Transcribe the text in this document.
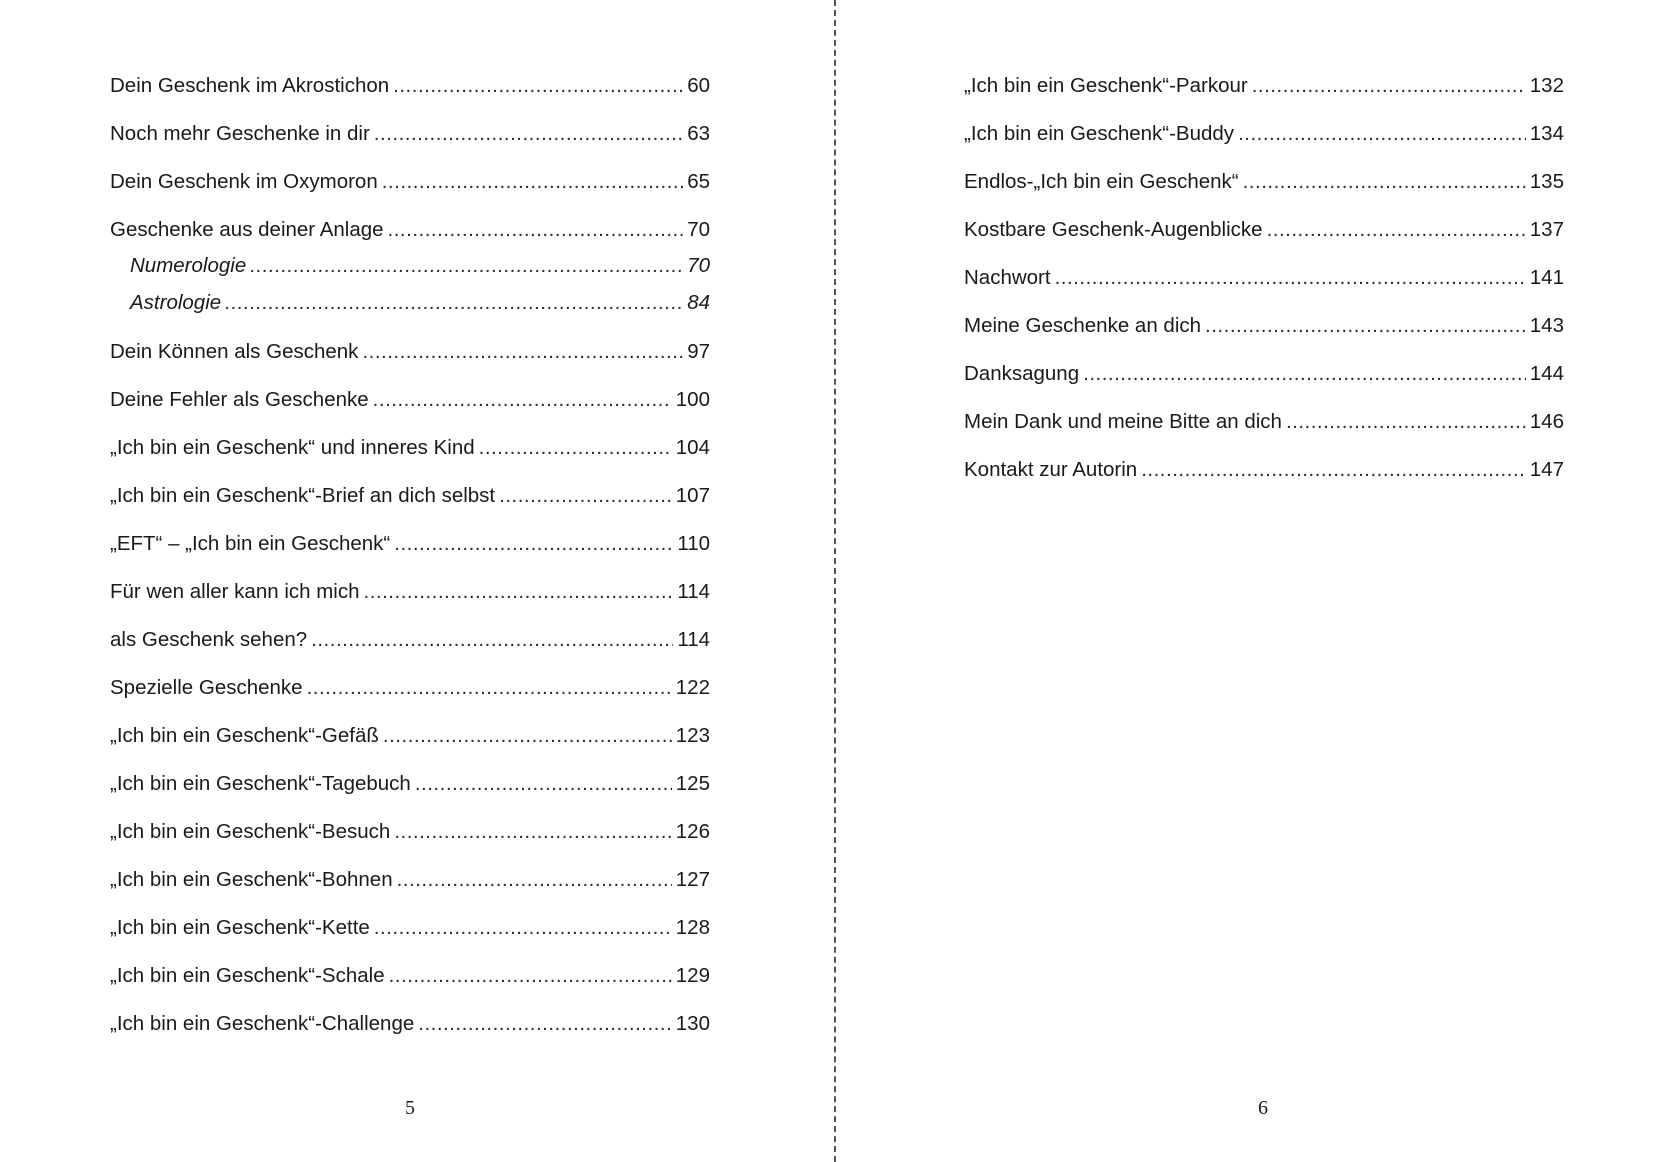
Dein Geschenk im Akrostichon .....	60
Noch mehr Geschenke in dir .....	63
Dein Geschenk im Oxymoron .....	65
Geschenke aus deiner Anlage .....	70
Numerologie .....	70
Astrologie .....	84
Dein Können als Geschenk .....	97
Deine Fehler als Geschenke .....	100
„Ich bin ein Geschenk“ und inneres Kind .....	104
„Ich bin ein Geschenk“-Brief an dich selbst .....	107
„EFT“ – „Ich bin ein Geschenk“ .....	110
Für wen aller kann ich mich .....	114
als Geschenk sehen? .....	114
Spezielle Geschenke .....	122
„Ich bin ein Geschenk“-Gefäß .....	123
„Ich bin ein Geschenk“-Tagebuch .....	125
„Ich bin ein Geschenk“-Besuch .....	126
„Ich bin ein Geschenk“-Bohnen .....	127
„Ich bin ein Geschenk“-Kette .....	128
„Ich bin ein Geschenk“-Schale .....	129
„Ich bin ein Geschenk“-Challenge .....	130
5
„Ich bin ein Geschenk“-Parkour .....	132
„Ich bin ein Geschenk“-Buddy .....	134
Endlos-„Ich bin ein Geschenk“ .....	135
Kostbare Geschenk-Augenblicke .....	137
Nachwort .....	141
Meine Geschenke an dich .....	143
Danksagung .....	144
Mein Dank und meine Bitte an dich .....	146
Kontakt zur Autorin .....	147
6
